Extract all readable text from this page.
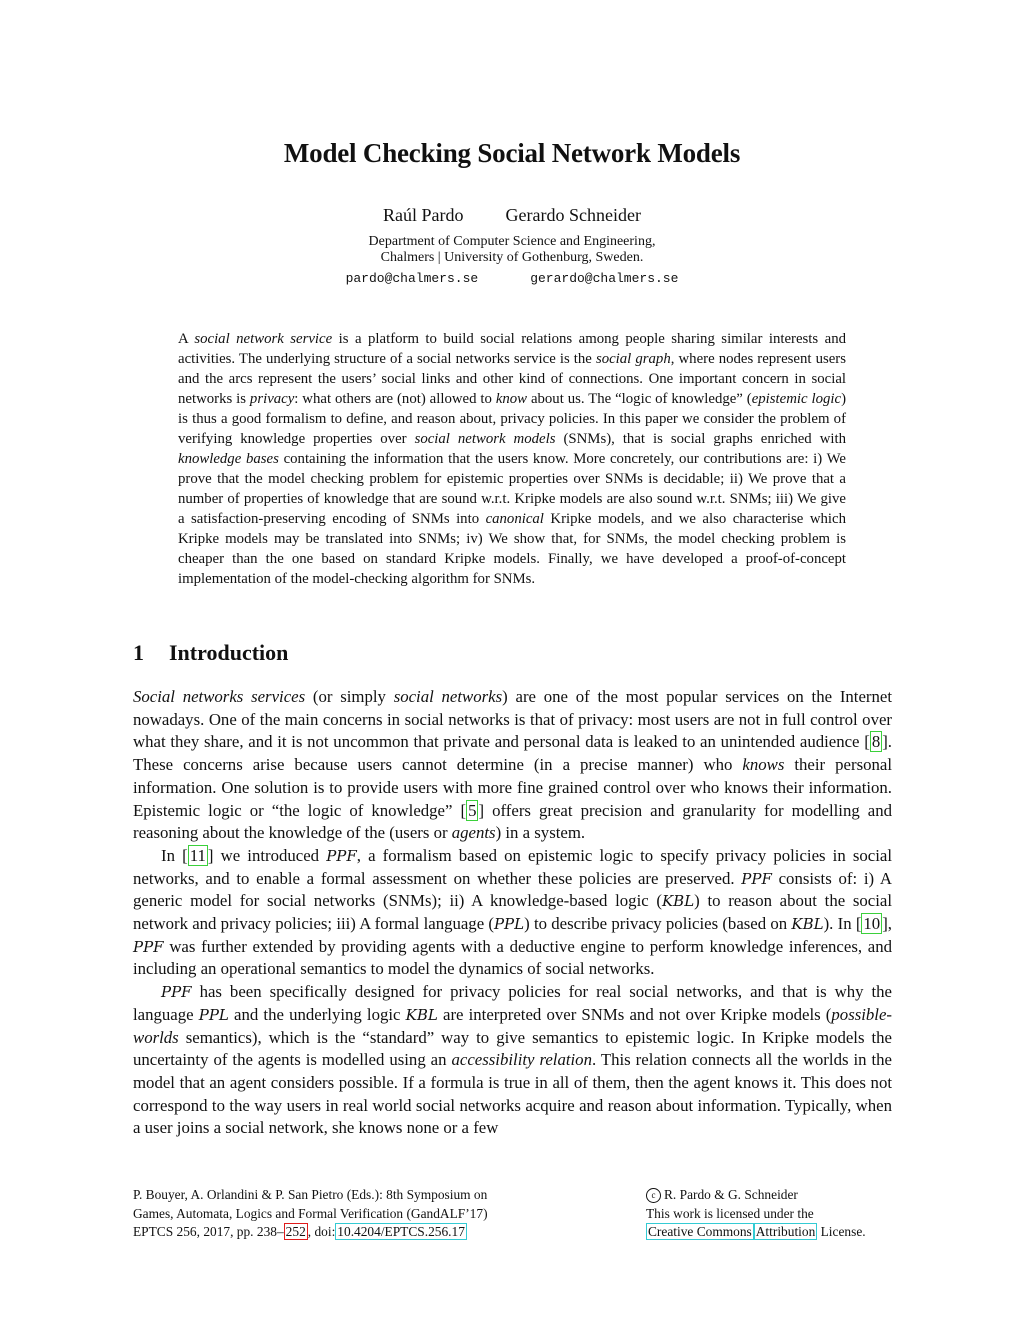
Model Checking Social Network Models
Raúl Pardo Gerardo Schneider
Department of Computer Science and Engineering,
Chalmers | University of Gothenburg, Sweden.
pardo@chalmers.se	gerardo@chalmers.se
A social network service is a platform to build social relations among people sharing similar interests and activities. The underlying structure of a social networks service is the social graph, where nodes represent users and the arcs represent the users’ social links and other kind of connections. One important concern in social networks is privacy: what others are (not) allowed to know about us. The “logic of knowledge” (epistemic logic) is thus a good formalism to define, and reason about, privacy policies. In this paper we consider the problem of verifying knowledge properties over social network models (SNMs), that is social graphs enriched with knowledge bases containing the information that the users know. More concretely, our contributions are: i) We prove that the model checking problem for epistemic properties over SNMs is decidable; ii) We prove that a number of properties of knowledge that are sound w.r.t. Kripke models are also sound w.r.t. SNMs; iii) We give a satisfaction-preserving encoding of SNMs into canonical Kripke models, and we also characterise which Kripke models may be translated into SNMs; iv) We show that, for SNMs, the model checking problem is cheaper than the one based on standard Kripke models. Finally, we have developed a proof-of-concept implementation of the model-checking algorithm for SNMs.
1 Introduction

Social networks services (or simply social networks) are one of the most popular services on the Internet nowadays. One of the main concerns in social networks is that of privacy: most users are not in full control over what they share, and it is not uncommon that private and personal data is leaked to an unintended audience [ 8 ]. These concerns arise because users cannot determine (in a precise manner) who knows their personal information. One solution is to provide users with more fine grained control over who knows their information. Epistemic logic or “the logic of knowledge” [ 5 ] offers great precision and granularity for modelling and reasoning about the knowledge of the (users or agents) in a system.

In [ 11 ] we introduced PPF, a formalism based on epistemic logic to specify privacy policies in social networks, and to enable a formal assessment on whether these policies are preserved. PPF consists of: i) A generic model for social networks (SNMs); ii) A knowledge-based logic (KBL) to reason about the social network and privacy policies; iii) A formal language (PPL) to describe privacy policies (based on KBL). In [ 10 ], PPF was further extended by providing agents with a deductive engine to perform knowledge inferences, and including an operational semantics to model the dynamics of social networks.

PPF has been specifically designed for privacy policies for real social networks, and that is why the language PPL and the underlying logic KBL are interpreted over SNMs and not over Kripke models (possible-worlds semantics), which is the “standard” way to give semantics to epistemic logic. In Kripke models the uncertainty of the agents is modelled using an accessibility relation. This relation connects all the worlds in the model that an agent considers possible. If a formula is true in all of them, then the agent knows it. This does not correspond to the way users in real world social networks acquire and reason about information. Typically, when a user joins a social network, she knows none or a few

P. Bouyer, A. Orlandini & P. San Pietro (Eds.): 8th Symposium on
Games, Automata, Logics and Formal Verification (GandALF’17)
EPTCS 256, 2017, pp. 238– 252 , doi: 10.4204/EPTCS.256.17
c R. Pardo & G. Schneider
This work is licensed under the
Creative Commons Attribution License.
